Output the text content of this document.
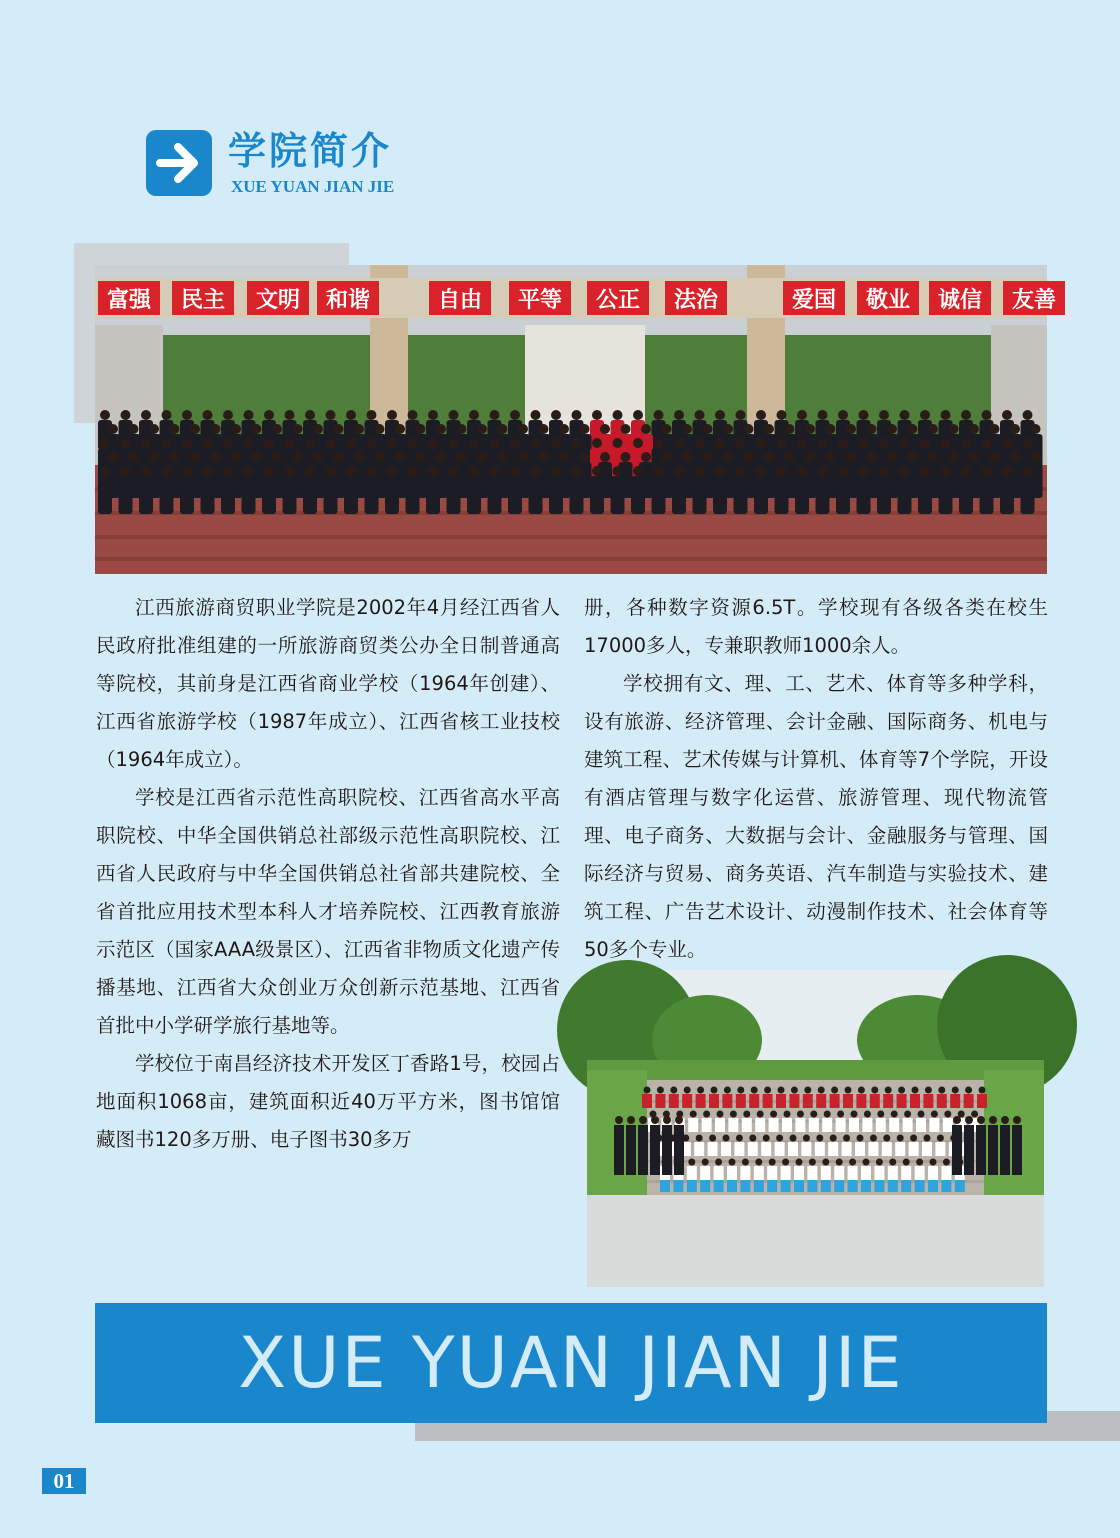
学院简介
XUE YUAN JIAN JIE
富强 民主 文明 和谐	自由 平等 公正 法治	爱国 敬业 诚信 友善

江西旅游商贸职业学院是2002年4月经江西省人民政府批准组建的一所旅游商贸类公办全日制普通高等院校，其前身是江西省商业学校（1964年创建）、江西省旅游学校（1987年成立）、江西省核工业技校（1964年成立）。

学校是江西省示范性高职院校、江西省高水平高职院校、中华全国供销总社部级示范性高职院校、江西省人民政府与中华全国供销总社省部共建院校、全省首批应用技术型本科人才培养院校、江西教育旅游示范区（国家AAA级景区）、江西省非物质文化遗产传播基地、江西省大众创业万众创新示范基地、江西省首批中小学研学旅行基地等。

学校位于南昌经济技术开发区丁香路1号，校园占地面积1068亩，建筑面积近40万平方米，图书馆馆藏图书120多万册、电子图书30多万

册，各种数字资源6.5T。学校现有各级各类在校生17000多人，专兼职教师1000余人。

学校拥有文、理、工、艺术、体育等多种学科，设有旅游、经济管理、会计金融、国际商务、机电与建筑工程、艺术传媒与计算机、体育等7个学院，开设有酒店管理与数字化运营、旅游管理、现代物流管理、电子商务、大数据与会计、金融服务与管理、国际经济与贸易、商务英语、汽车制造与实验技术、建筑工程、广告艺术设计、动漫制作技术、社会体育等50多个专业。

XUE YUAN JIAN JIE
01
